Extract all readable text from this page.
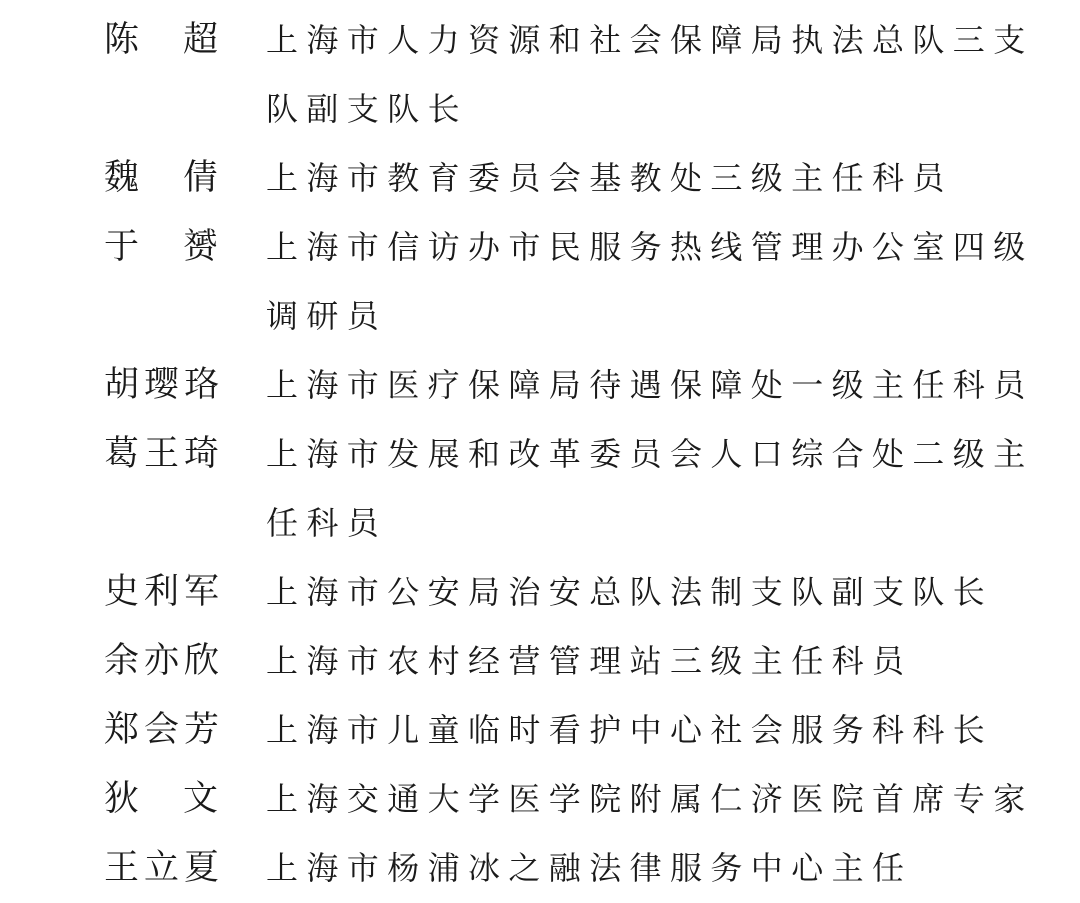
陈 超 上海市人力资源和社会保障局执法总队三支队副支队长
魏 倩 上海市教育委员会基教处三级主任科员
于 赟 上海市信访办市民服务热线管理办公室四级调研员
胡璎珞 上海市医疗保障局待遇保障处一级主任科员
葛王琦 上海市发展和改革委员会人口综合处二级主任科员
史利军 上海市公安局治安总队法制支队副支队长
余亦欣 上海市农村经营管理站三级主任科员
郑会芳 上海市儿童临时看护中心社会服务科科长
狄 文 上海交通大学医学院附属仁济医院首席专家
王立夏 上海市杨浦冰之融法律服务中心主任
